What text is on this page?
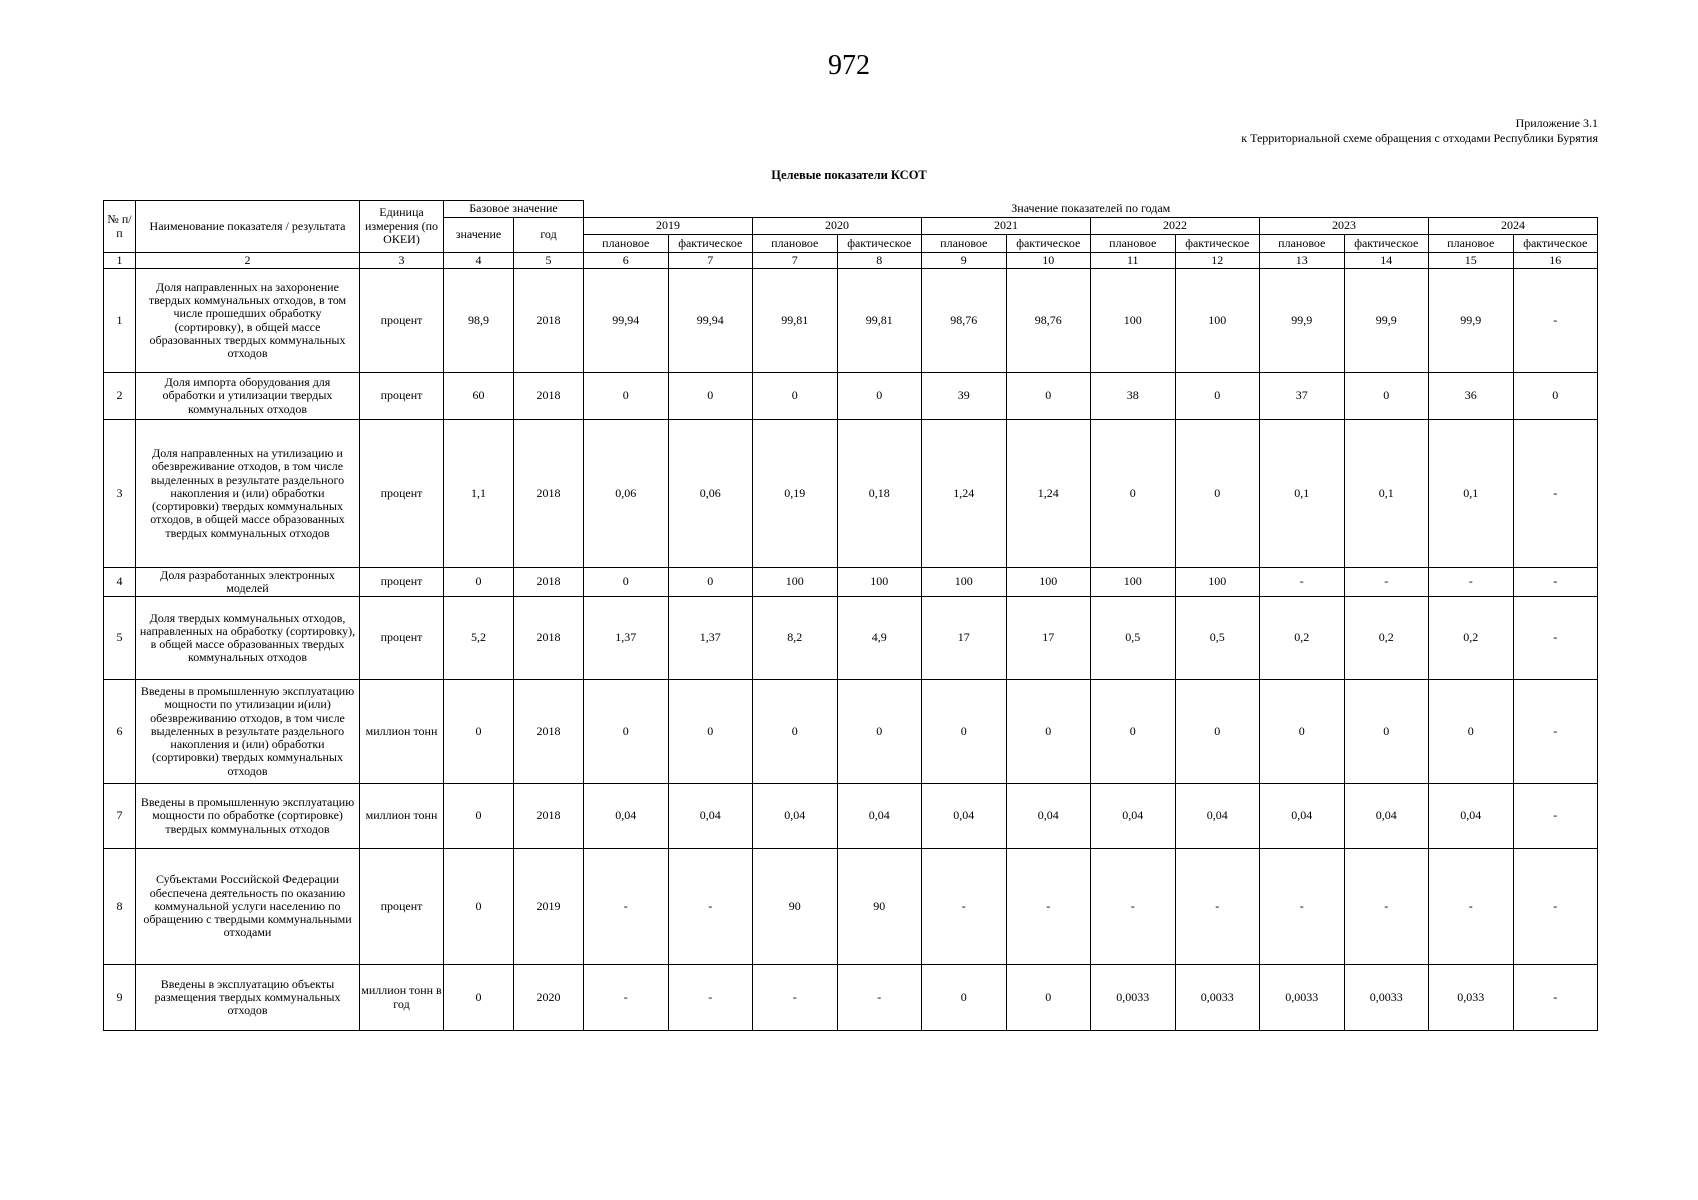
972
Приложение 3.1
к Территориальной схеме обращения с отходами Республики Бурятия
Целевые показатели КСОТ
№ п/п	Наименование показателя / результата	Единица измерения (по ОКЕИ)	Базовое значение		Значение показателей по годам											
			значение	год	2019		2020		2021		2022		2023		2024	
					плановое	фактическое	плановое	фактическое	плановое	фактическое	плановое	фактическое	плановое	фактическое	плановое	фактическое
1	2	3	4	5	6	7	7	8	9	10	11	12	13	14	15	16
1	Доля направленных на захоронение твердых коммунальных отходов, в том числе прошедших обработку (сортировку), в общей массе образованных твердых коммунальных отходов	процент	98,9	2018	99,94	99,94	99,81	99,81	98,76	98,76	100	100	99,9	99,9	99,9	-
2	Доля импорта оборудования для обработки и утилизации твердых коммунальных отходов	процент	60	2018	0	0	0	0	39	0	38	0	37	0	36	0
3	Доля направленных на утилизацию и обезвреживание отходов, в том числе выделенных в результате раздельного накопления и (или) обработки (сортировки) твердых коммунальных отходов, в общей массе образованных твердых коммунальных отходов	процент	1,1	2018	0,06	0,06	0,19	0,18	1,24	1,24	0	0	0,1	0,1	0,1	-
4	Доля разработанных электронных моделей	процент	0	2018	0	0	100	100	100	100	100	100	-	-	-	-
5	Доля твердых коммунальных отходов, направленных на обработку (сортировку), в общей массе образованных твердых коммунальных отходов	процент	5,2	2018	1,37	1,37	8,2	4,9	17	17	0,5	0,5	0,2	0,2	0,2	-
6	Введены в промышленную эксплуатацию мощности по утилизации и(или) обезвреживанию отходов, в том числе выделенных в результате раздельного накопления и (или) обработки (сортировки) твердых коммунальных отходов	миллион тонн	0	2018	0	0	0	0	0	0	0	0	0	0	0	-
7	Введены в промышленную эксплуатацию мощности по обработке (сортировке) твердых коммунальных отходов	миллион тонн	0	2018	0,04	0,04	0,04	0,04	0,04	0,04	0,04	0,04	0,04	0,04	0,04	-
8	Субъектами Российской Федерации обеспечена деятельность по оказанию коммунальной услуги населению по обращению с твердыми коммунальными отходами	процент	0	2019	-	-	90	90	-	-	-	-	-	-	-	-
9	Введены в эксплуатацию объекты размещения твердых коммунальных отходов	миллион тонн в год	0	2020	-	-	-	-	0	0	0,0033	0,0033	0,0033	0,0033	0,033	-
